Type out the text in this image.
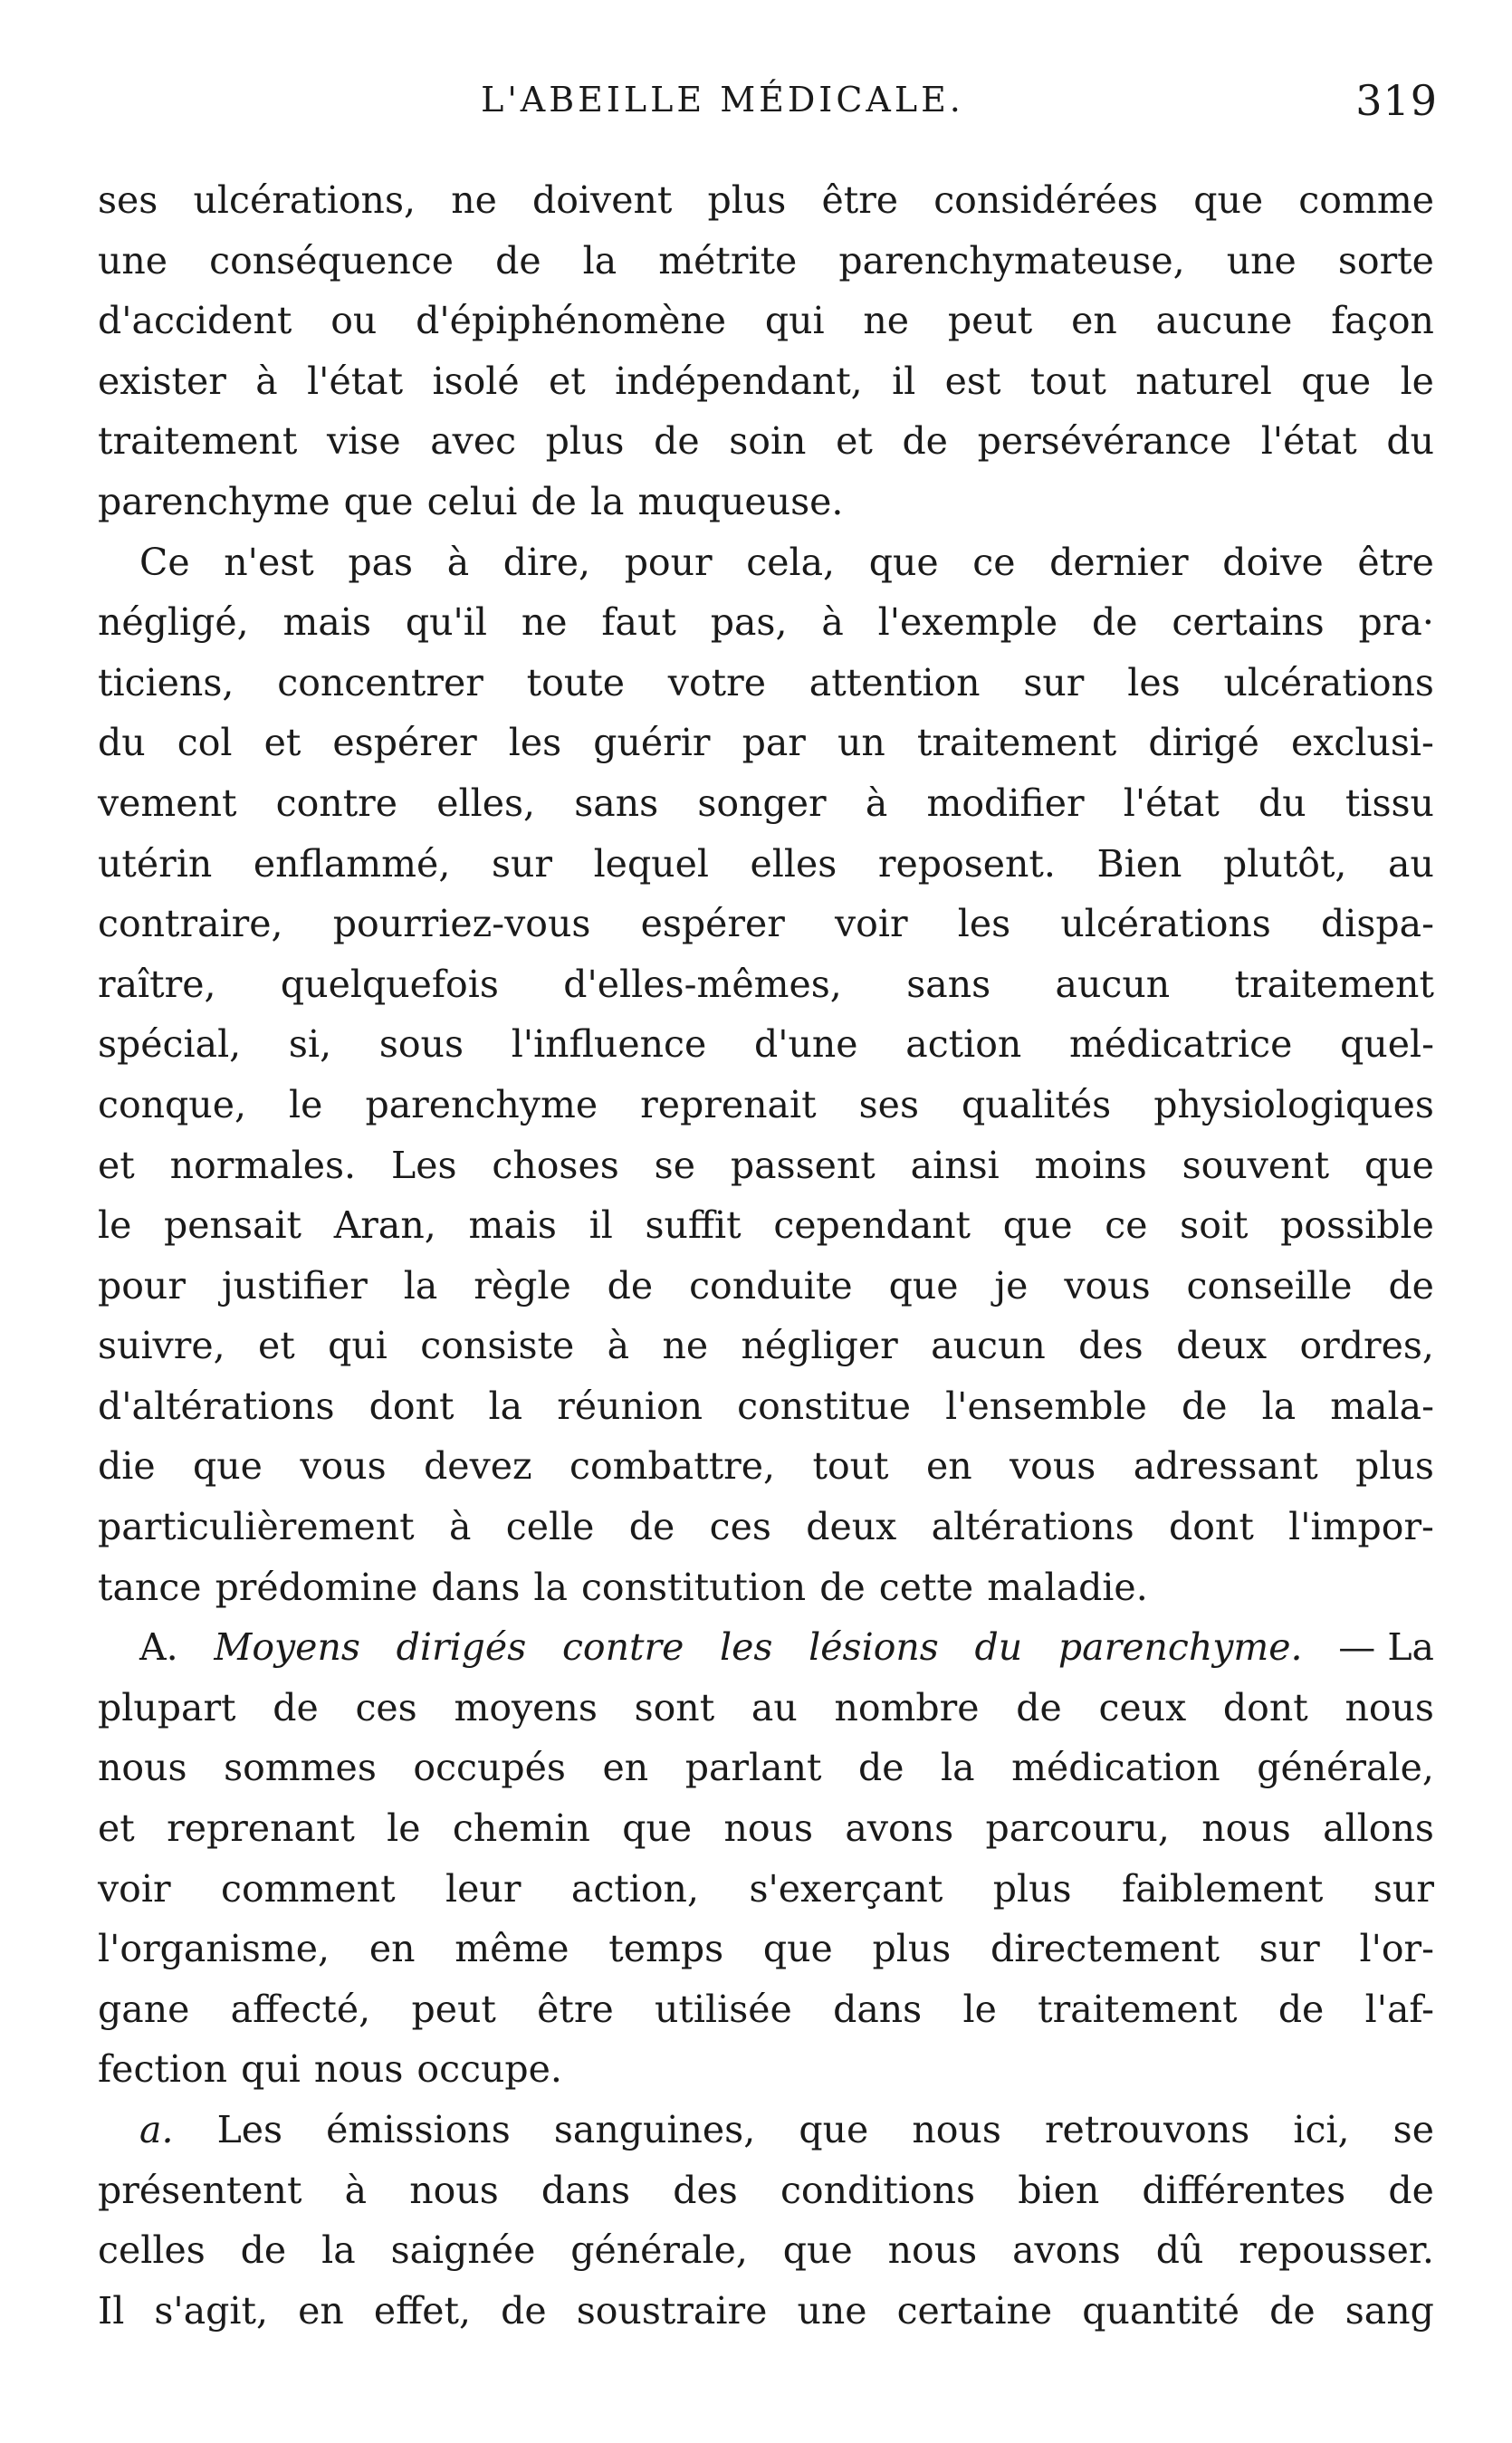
L'ABEILLE MÉDICALE.	319
ses ulcérations, ne doivent plus être considérées que comme
une conséquence de la métrite parenchymateuse, une sorte
d'accident ou d'épiphénomène qui ne peut en aucune façon
exister à l'état isolé et indépendant, il est tout naturel que le
traitement vise avec plus de soin et de persévérance l'état du
parenchyme que celui de la muqueuse.
Ce n'est pas à dire, pour cela, que ce dernier doive être
négligé, mais qu'il ne faut pas, à l'exemple de certains pra·
ticiens, concentrer toute votre attention sur les ulcérations
du col et espérer les guérir par un traitement dirigé exclusi-
vement contre elles, sans songer à modifier l'état du tissu
utérin enflammé, sur lequel elles reposent. Bien plutôt, au
contraire, pourriez-vous espérer voir les ulcérations dispa-
raître, quelquefois d'elles-mêmes, sans aucun traitement
spécial, si, sous l'influence d'une action médicatrice quel-
conque, le parenchyme reprenait ses qualités physiologiques
et normales. Les choses se passent ainsi moins souvent que
le pensait Aran, mais il suffit cependant que ce soit possible
pour justifier la règle de conduite que je vous conseille de
suivre, et qui consiste à ne négliger aucun des deux ordres,
d'altérations dont la réunion constitue l'ensemble de la mala-
die que vous devez combattre, tout en vous adressant plus
particulièrement à celle de ces deux altérations dont l'impor-
tance prédomine dans la constitution de cette maladie.
A. Moyens dirigés contre les lésions du parenchyme. — La
plupart de ces moyens sont au nombre de ceux dont nous
nous sommes occupés en parlant de la médication générale,
et reprenant le chemin que nous avons parcouru, nous allons
voir comment leur action, s'exerçant plus faiblement sur
l'organisme, en même temps que plus directement sur l'or-
gane affecté, peut être utilisée dans le traitement de l'af-
fection qui nous occupe.
a. Les émissions sanguines, que nous retrouvons ici, se
présentent à nous dans des conditions bien différentes de
celles de la saignée générale, que nous avons dû repousser.
Il s'agit, en effet, de soustraire une certaine quantité de sang
